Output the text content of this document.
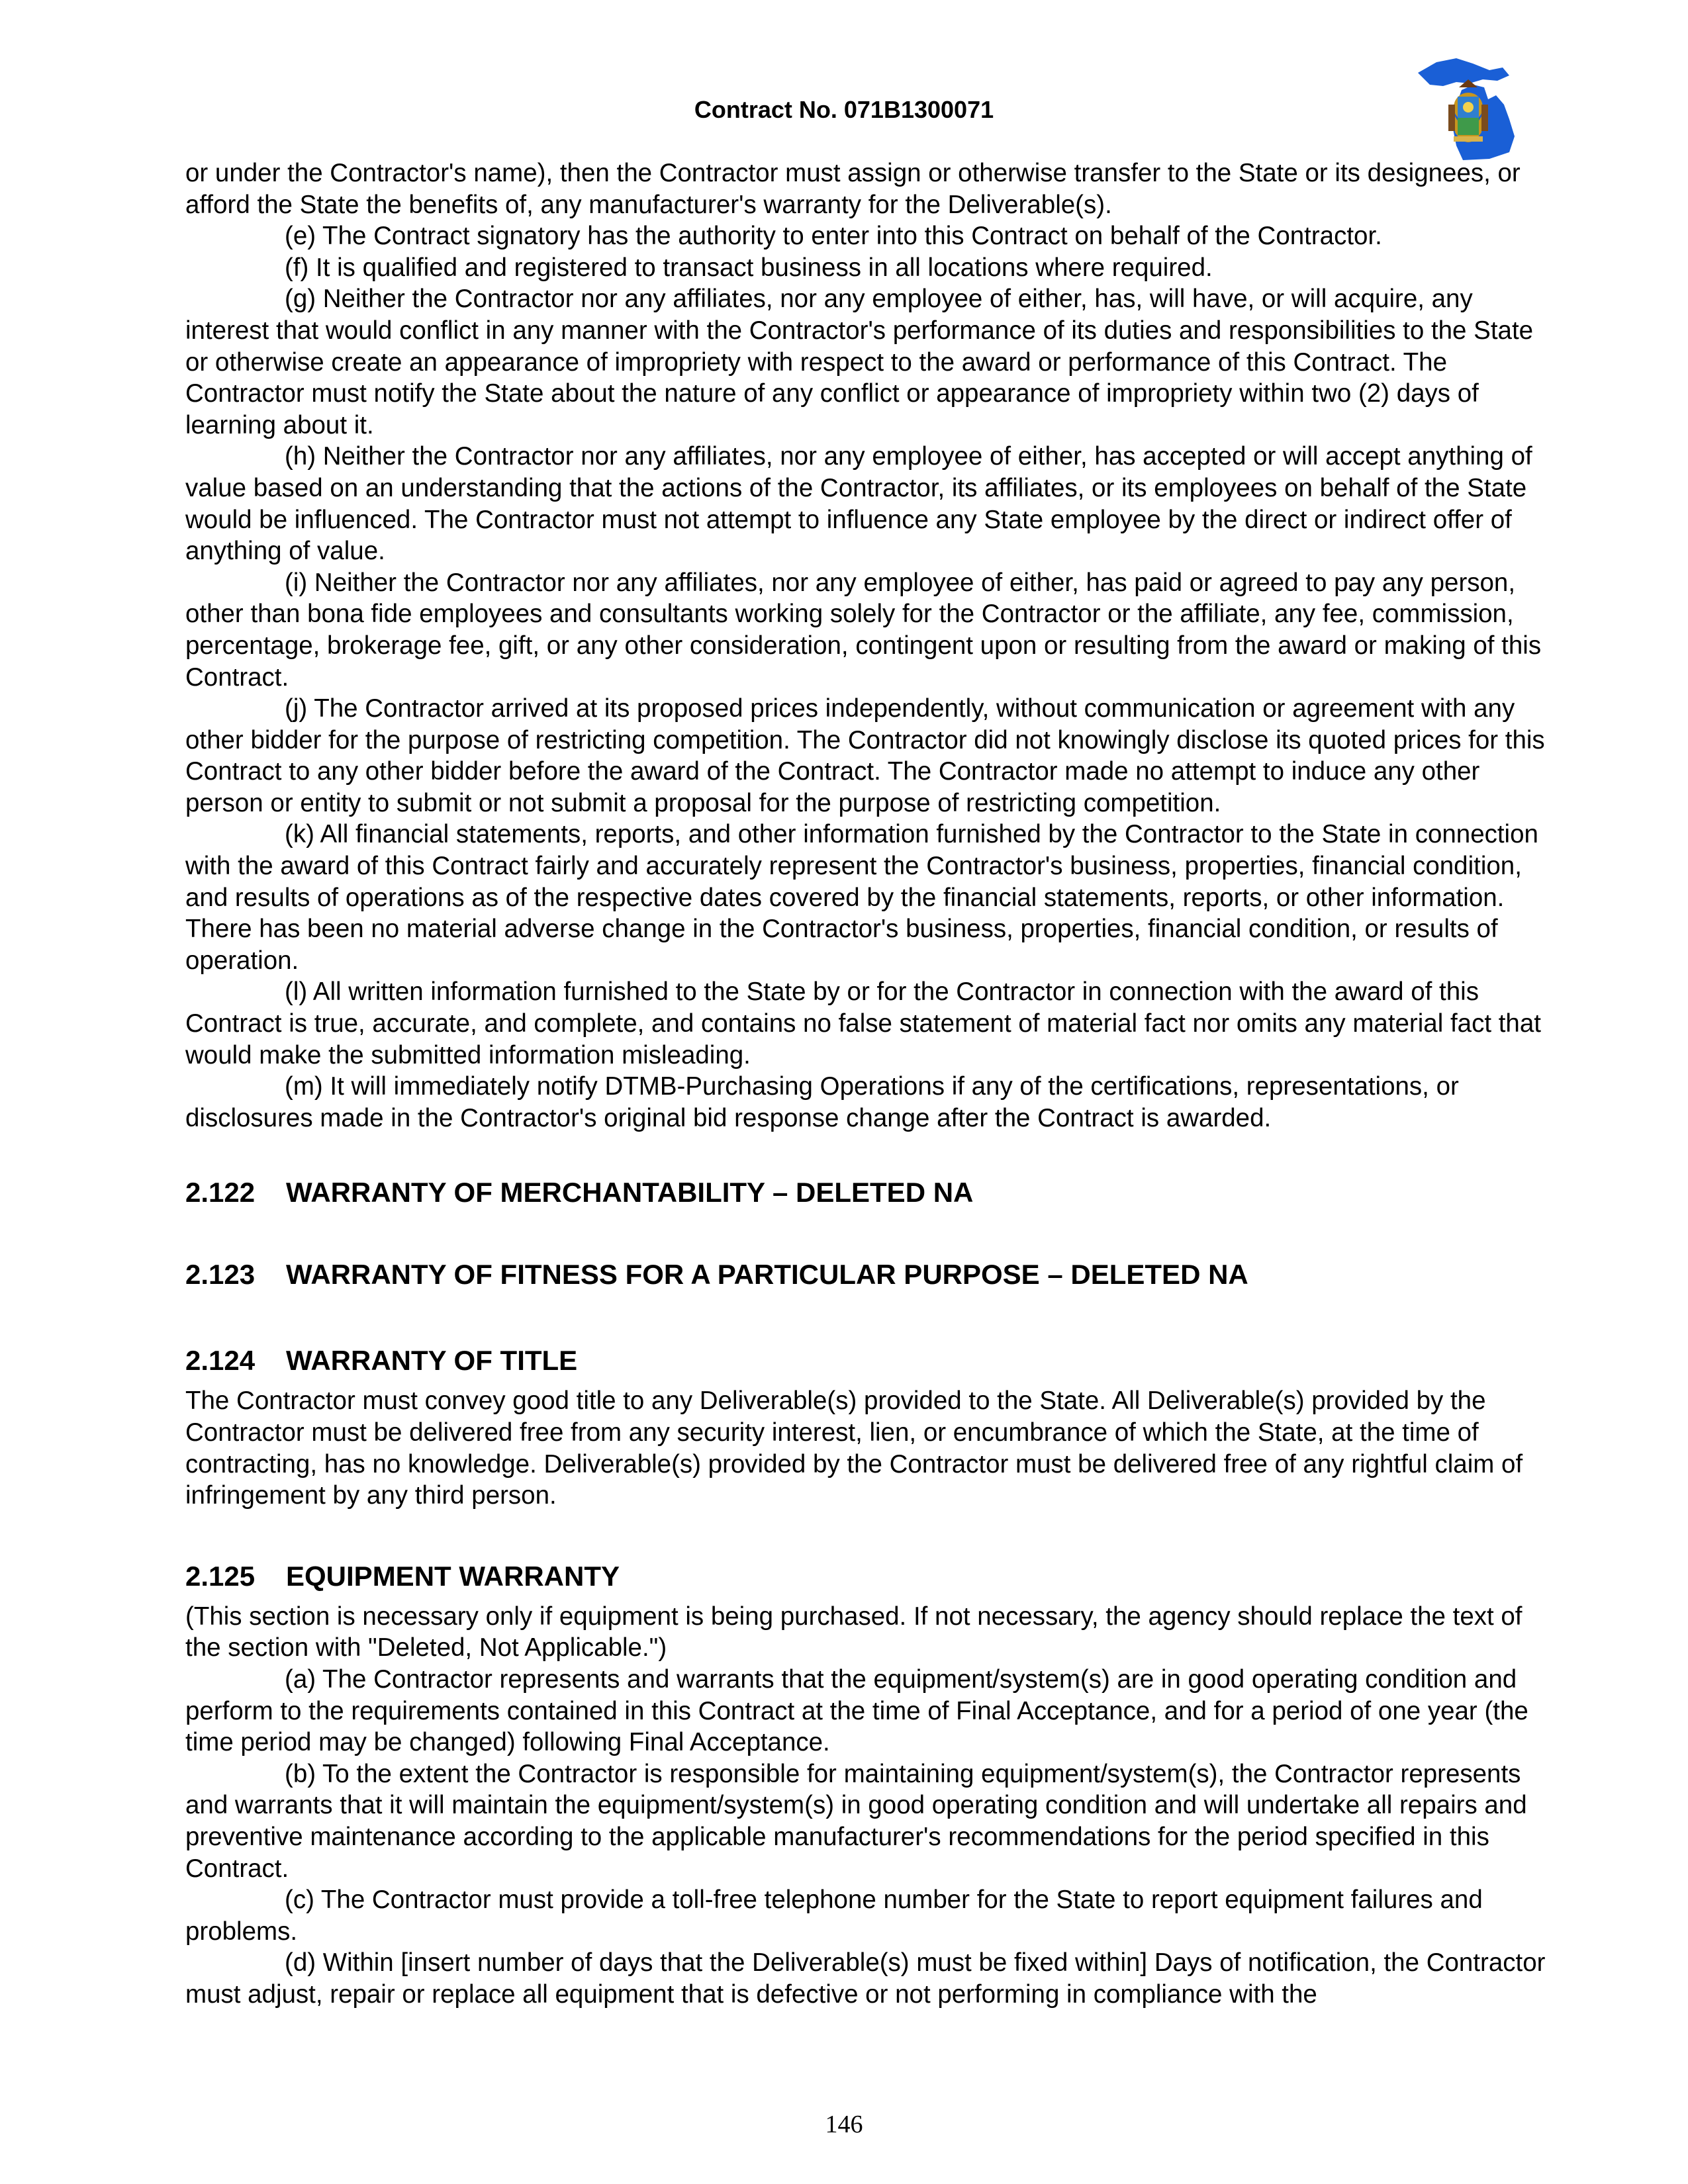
Contract No. 071B1300071

or under the Contractor's name), then the Contractor must assign or otherwise transfer to the State or its designees, or afford the State the benefits of, any manufacturer's warranty for the Deliverable(s).

(e) The Contract signatory has the authority to enter into this Contract on behalf of the Contractor.

(f) It is qualified and registered to transact business in all locations where required.

(g) Neither the Contractor nor any affiliates, nor any employee of either, has, will have, or will acquire, any interest that would conflict in any manner with the Contractor's performance of its duties and responsibilities to the State or otherwise create an appearance of impropriety with respect to the award or performance of this Contract. The Contractor must notify the State about the nature of any conflict or appearance of impropriety within two (2) days of learning about it.

(h) Neither the Contractor nor any affiliates, nor any employee of either, has accepted or will accept anything of value based on an understanding that the actions of the Contractor, its affiliates, or its employees on behalf of the State would be influenced. The Contractor must not attempt to influence any State employee by the direct or indirect offer of anything of value.

(i) Neither the Contractor nor any affiliates, nor any employee of either, has paid or agreed to pay any person, other than bona fide employees and consultants working solely for the Contractor or the affiliate, any fee, commission, percentage, brokerage fee, gift, or any other consideration, contingent upon or resulting from the award or making of this Contract.

(j) The Contractor arrived at its proposed prices independently, without communication or agreement with any other bidder for the purpose of restricting competition. The Contractor did not knowingly disclose its quoted prices for this Contract to any other bidder before the award of the Contract. The Contractor made no attempt to induce any other person or entity to submit or not submit a proposal for the purpose of restricting competition.

(k) All financial statements, reports, and other information furnished by the Contractor to the State in connection with the award of this Contract fairly and accurately represent the Contractor's business, properties, financial condition, and results of operations as of the respective dates covered by the financial statements, reports, or other information. There has been no material adverse change in the Contractor's business, properties, financial condition, or results of operation.

(l) All written information furnished to the State by or for the Contractor in connection with the award of this Contract is true, accurate, and complete, and contains no false statement of material fact nor omits any material fact that would make the submitted information misleading.

(m) It will immediately notify DTMB-Purchasing Operations if any of the certifications, representations, or disclosures made in the Contractor's original bid response change after the Contract is awarded.

2.122 WARRANTY OF MERCHANTABILITY – DELETED NA
2.123 WARRANTY OF FITNESS FOR A PARTICULAR PURPOSE – DELETED NA
2.124 WARRANTY OF TITLE

The Contractor must convey good title to any Deliverable(s) provided to the State. All Deliverable(s) provided by the Contractor must be delivered free from any security interest, lien, or encumbrance of which the State, at the time of contracting, has no knowledge. Deliverable(s) provided by the Contractor must be delivered free of any rightful claim of infringement by any third person.

2.125 EQUIPMENT WARRANTY

(This section is necessary only if equipment is being purchased. If not necessary, the agency should replace the text of the section with "Deleted, Not Applicable.")

(a) The Contractor represents and warrants that the equipment/system(s) are in good operating condition and perform to the requirements contained in this Contract at the time of Final Acceptance, and for a period of one year (the time period may be changed) following Final Acceptance.

(b) To the extent the Contractor is responsible for maintaining equipment/system(s), the Contractor represents and warrants that it will maintain the equipment/system(s) in good operating condition and will undertake all repairs and preventive maintenance according to the applicable manufacturer's recommendations for the period specified in this Contract.

(c) The Contractor must provide a toll-free telephone number for the State to report equipment failures and problems.

(d) Within [insert number of days that the Deliverable(s) must be fixed within] Days of notification, the Contractor must adjust, repair or replace all equipment that is defective or not performing in compliance with the

146
